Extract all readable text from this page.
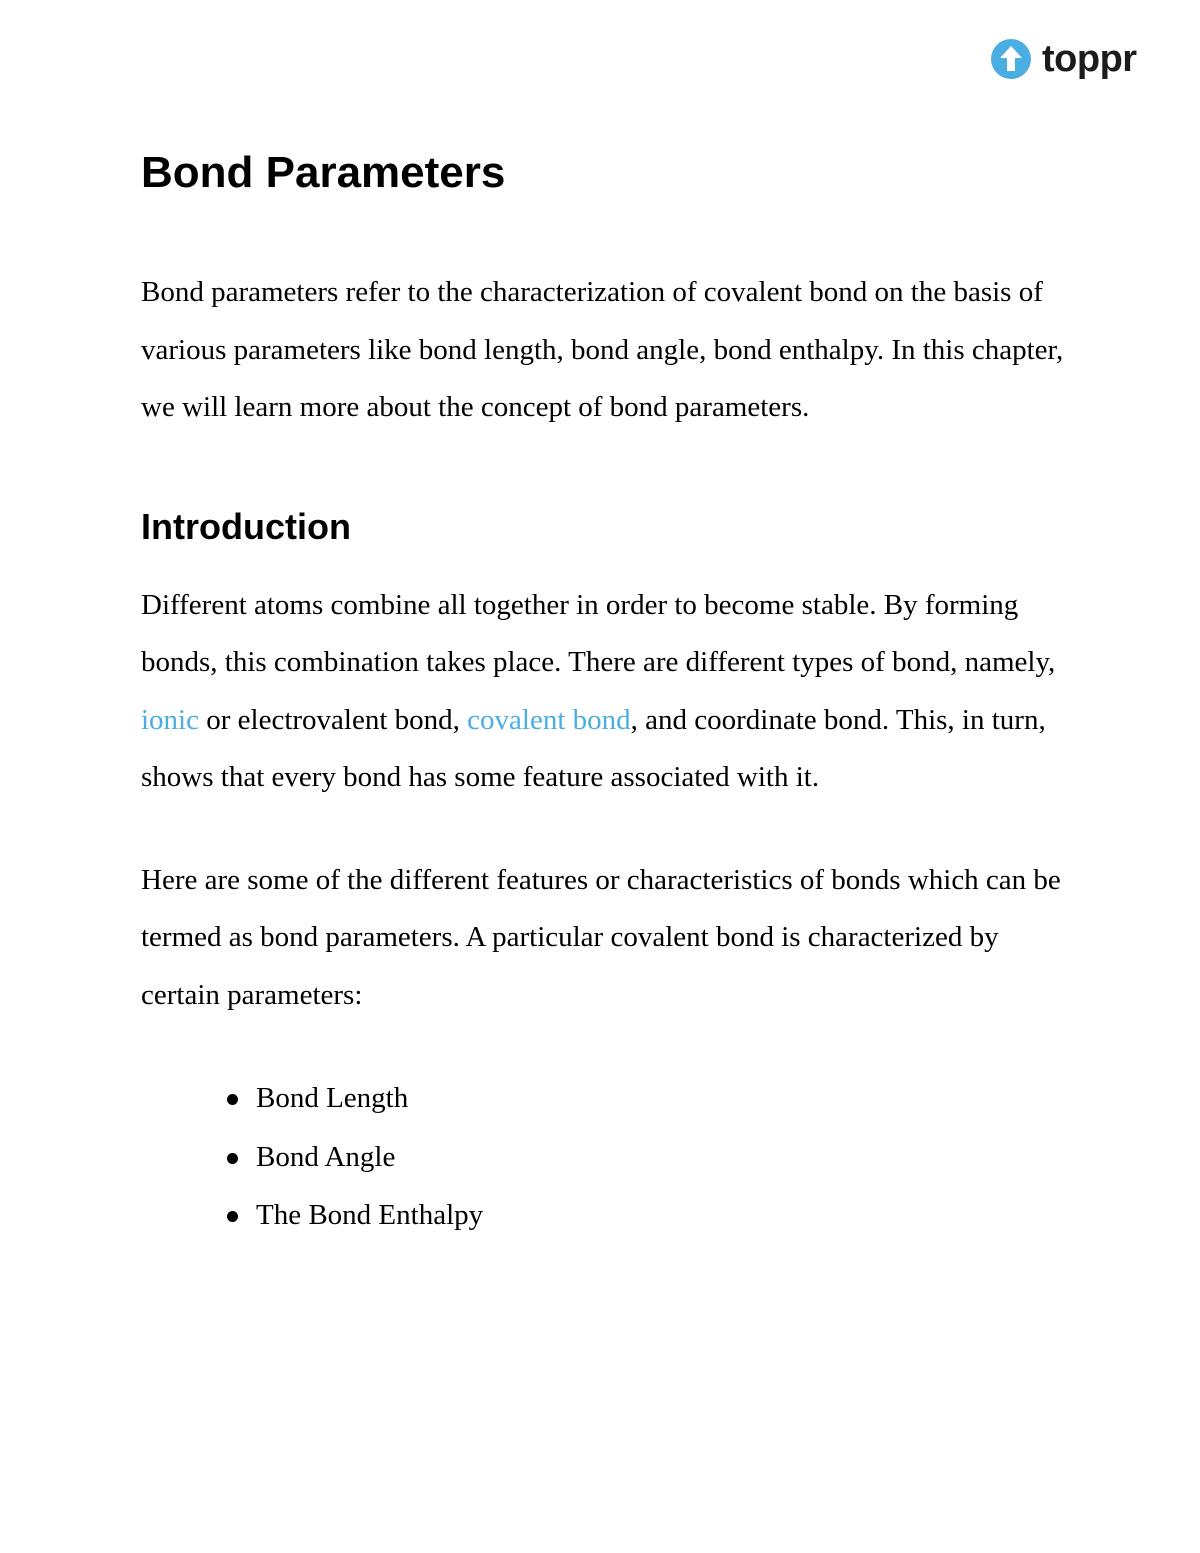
toppr
Bond Parameters

Bond parameters refer to the characterization of covalent bond on the basis of various parameters like bond length, bond angle, bond enthalpy. In this chapter, we will learn more about the concept of bond parameters.

Introduction

Different atoms combine all together in order to become stable. By forming bonds, this combination takes place. There are different types of bond, namely, ionic or electrovalent bond, covalent bond, and coordinate bond. This, in turn, shows that every bond has some feature associated with it.

Here are some of the different features or characteristics of bonds which can be termed as bond parameters. A particular covalent bond is characterized by certain parameters:

Bond Length
Bond Angle
The Bond Enthalpy
